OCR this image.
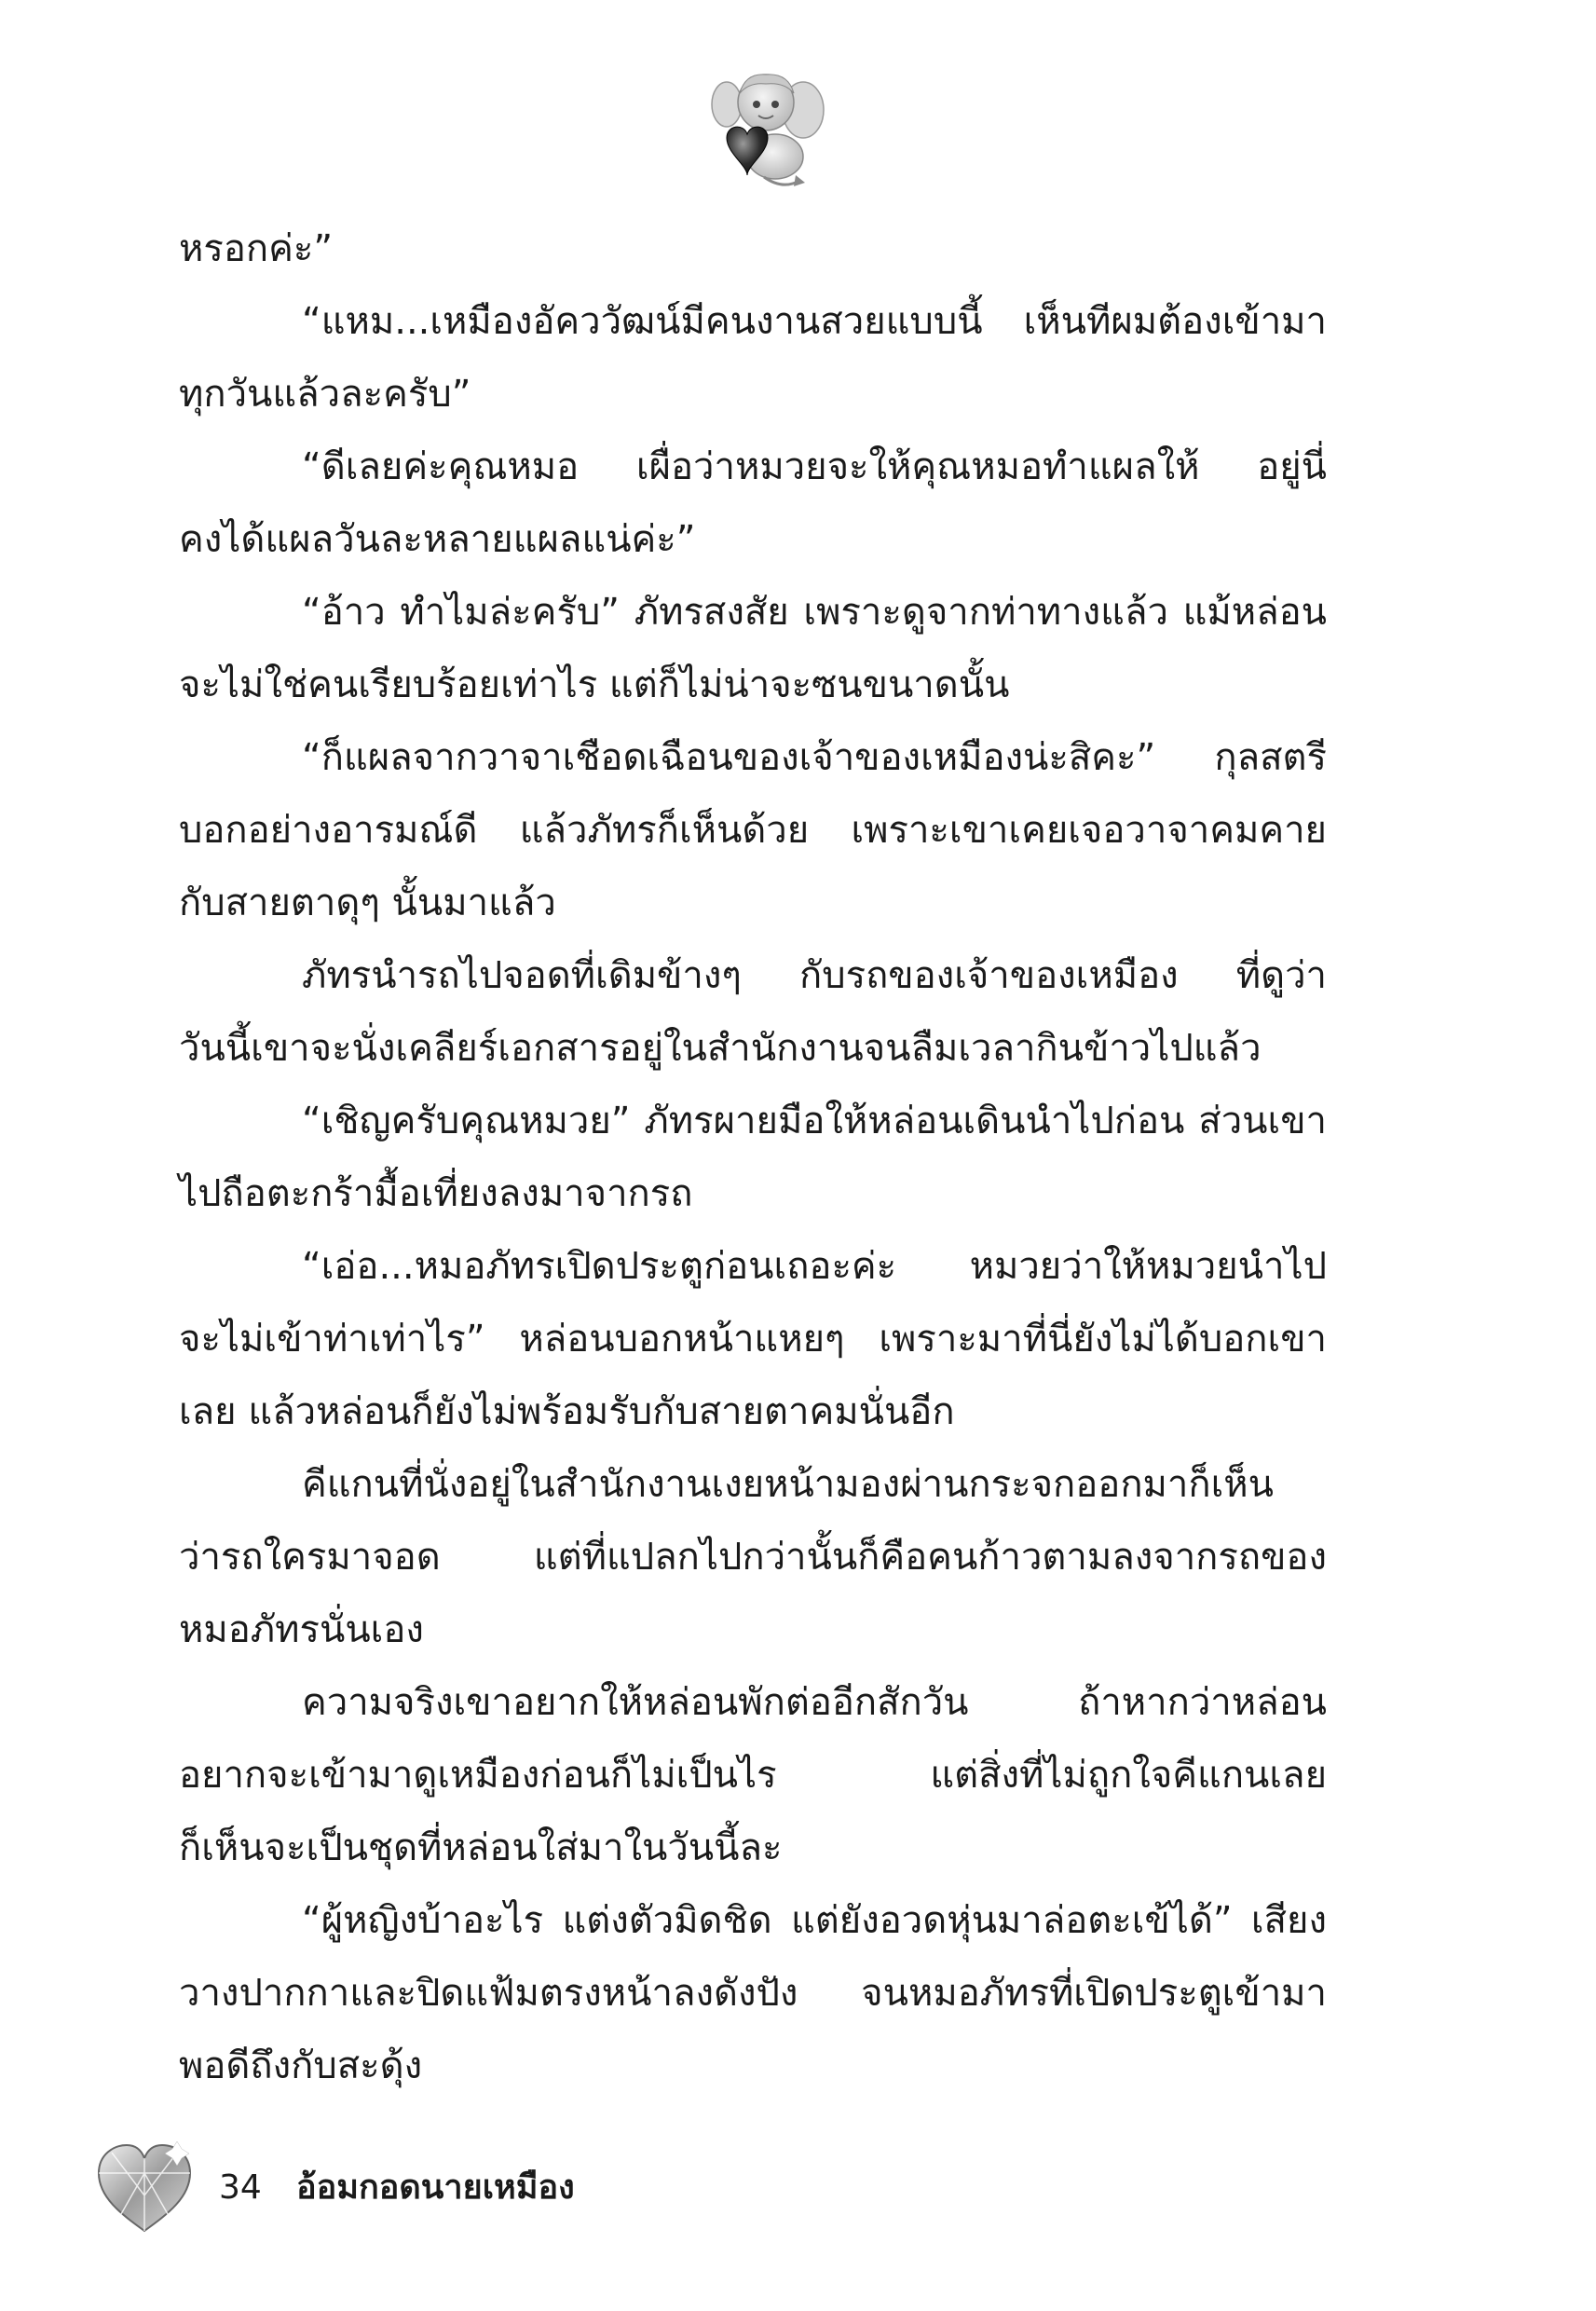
หรอกค่ะ”
“แหม...เหมืองอัคววัฒน์มีคนงานสวยแบบนี้ เห็นทีผมต้องเข้ามา
ทุกวันแล้วละครับ”
“ดีเลยค่ะคุณหมอ เผื่อว่าหมวยจะให้คุณหมอทำแผลให้ อยู่นี่
คงได้แผลวันละหลายแผลแน่ค่ะ”
“อ้าว ทำไมล่ะครับ” ภัทรสงสัย เพราะดูจากท่าทางแล้ว แม้หล่อน
จะไม่ใช่คนเรียบร้อยเท่าไร แต่ก็ไม่น่าจะซนขนาดนั้น
“ก็แผลจากวาจาเชือดเฉือนของเจ้าของเหมืองน่ะสิคะ” กุลสตรี
บอกอย่างอารมณ์ดี แล้วภัทรก็เห็นด้วย เพราะเขาเคยเจอวาจาคมคาย
กับสายตาดุๆ นั้นมาแล้ว
ภัทรนำรถไปจอดที่เดิมข้างๆ กับรถของเจ้าของเหมือง ที่ดูว่า
วันนี้เขาจะนั่งเคลียร์เอกสารอยู่ในสำนักงานจนลืมเวลากินข้าวไปแล้ว
“เชิญครับคุณหมวย” ภัทรผายมือให้หล่อนเดินนำไปก่อน ส่วนเขา
ไปถือตะกร้ามื้อเที่ยงลงมาจากรถ
“เอ่อ...หมอภัทรเปิดประตูก่อนเถอะค่ะ หมวยว่าให้หมวยนำไป
จะไม่เข้าท่าเท่าไร” หล่อนบอกหน้าแหยๆ เพราะมาที่นี่ยังไม่ได้บอกเขา
เลย แล้วหล่อนก็ยังไม่พร้อมรับกับสายตาคมนั่นอีก
คีแกนที่นั่งอยู่ในสำนักงานเงยหน้ามองผ่านกระจกออกมาก็เห็น
ว่ารถใครมาจอด แต่ที่แปลกไปกว่านั้นก็คือคนก้าวตามลงจากรถของ
หมอภัทรนั่นเอง
ความจริงเขาอยากให้หล่อนพักต่ออีกสักวัน ถ้าหากว่าหล่อน
อยากจะเข้ามาดูเหมืองก่อนก็ไม่เป็นไร แต่สิ่งที่ไม่ถูกใจคีแกนเลย
ก็เห็นจะเป็นชุดที่หล่อนใส่มาในวันนี้ละ
“ผู้หญิงบ้าอะไร แต่งตัวมิดชิด แต่ยังอวดหุ่นมาล่อตะเข้ได้” เสียง
วางปากกาและปิดแฟ้มตรงหน้าลงดังปัง จนหมอภัทรที่เปิดประตูเข้ามา
พอดีถึงกับสะดุ้ง
34 อ้อมกอดนายเหมือง
